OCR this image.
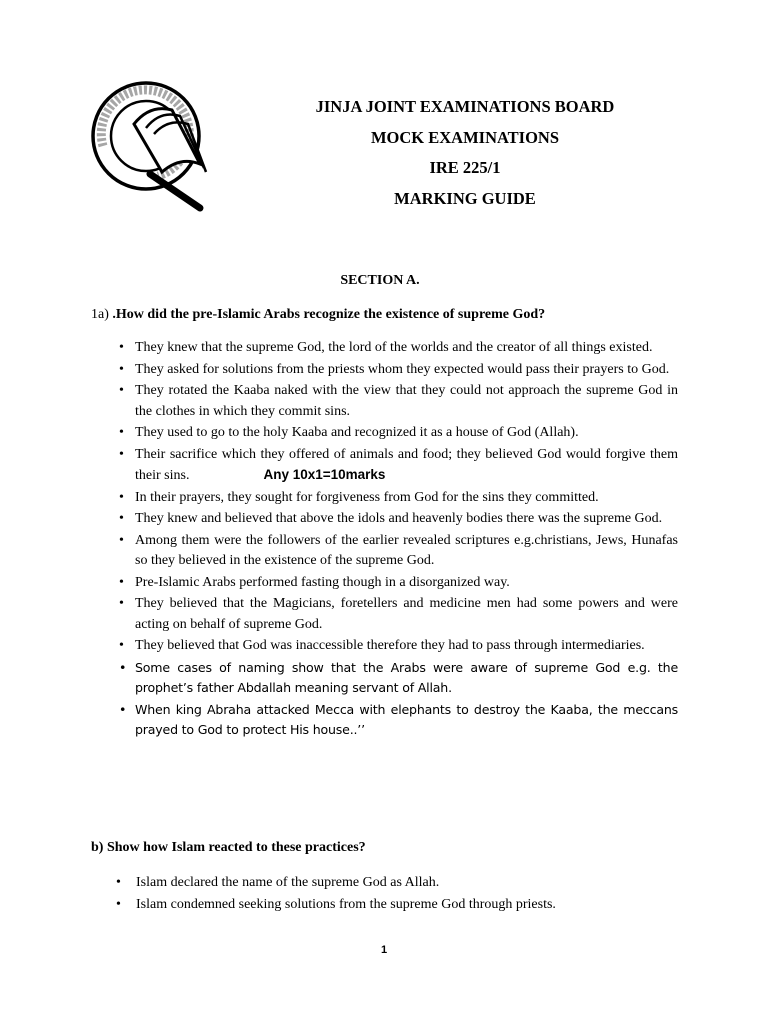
JINJA JOINT EXAMINATIONS BOARD
MOCK EXAMINATIONS
IRE 225/1
MARKING GUIDE
SECTION A.
1a) .How did the pre-Islamic Arabs recognize the existence of supreme God?
• They knew that the supreme God, the lord of the worlds and the creator of all things existed.
• They asked for solutions from the priests whom they expected would pass their prayers to God.
• They rotated the Kaaba naked with the view that they could not approach the supreme God in the clothes in which they commit sins.
• They used to go to the holy Kaaba and recognized it as a house of God (Allah).
• Their sacrifice which they offered of animals and food; they believed God would forgive them their sins.	Any 10x1=10marks
• In their prayers, they sought for forgiveness from God for the sins they committed.
• They knew and believed that above the idols and heavenly bodies there was the supreme God.
• Among them were the followers of the earlier revealed scriptures e.g.christians, Jews, Hunafas so they believed in the existence of the supreme God.
• Pre-Islamic Arabs performed fasting though in a disorganized way.
• They believed that the Magicians, foretellers and medicine men had some powers and were acting on behalf of supreme God.
• They believed that God was inaccessible therefore they had to pass through intermediaries.
• Some cases of naming show that the Arabs were aware of supreme God e.g. the prophet’s father Abdallah meaning servant of Allah.
• When king Abraha attacked Mecca with elephants to destroy the Kaaba, the meccans prayed to God to protect His house..’’
b) Show how Islam reacted to these practices?
• Islam declared the name of the supreme God as Allah.
• Islam condemned seeking solutions from the supreme God through priests.
1
